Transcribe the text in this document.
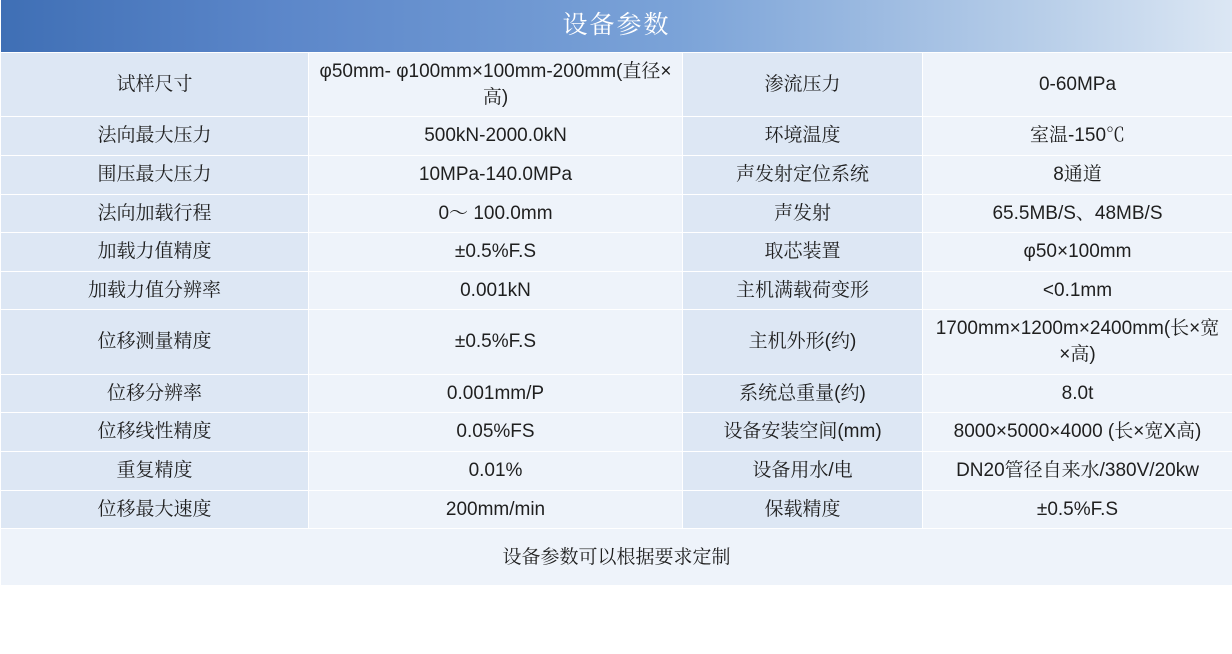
设备参数			
试样尺寸	φ50mm- φ100mm×100mm-200mm(直径×高)	渗流压力	0-60MPa
法向最大压力	500kN-2000.0kN	环境温度	室温-150℃
围压最大压力	10MPa-140.0MPa	声发射定位系统	8通道
法向加载行程	0～ 100.0mm	声发射	65.5MB/S、48MB/S
加载力值精度	±0.5%F.S	取芯装置	φ50×100mm
加载力值分辨率	0.001kN	主机满载荷变形	<0.1mm
位移测量精度	±0.5%F.S	主机外形(约)	1700mm×1200m×2400mm(长×宽×高)
位移分辨率	0.001mm/P	系统总重量(约)	8.0t
位移线性精度	0.05%FS	设备安装空间(mm)	8000×5000×4000 (长×宽X高)
重复精度	0.01%	设备用水/电	DN20管径自来水/380V/20kw
位移最大速度	200mm/min	保载精度	±0.5%F.S
设备参数可以根据要求定制			
